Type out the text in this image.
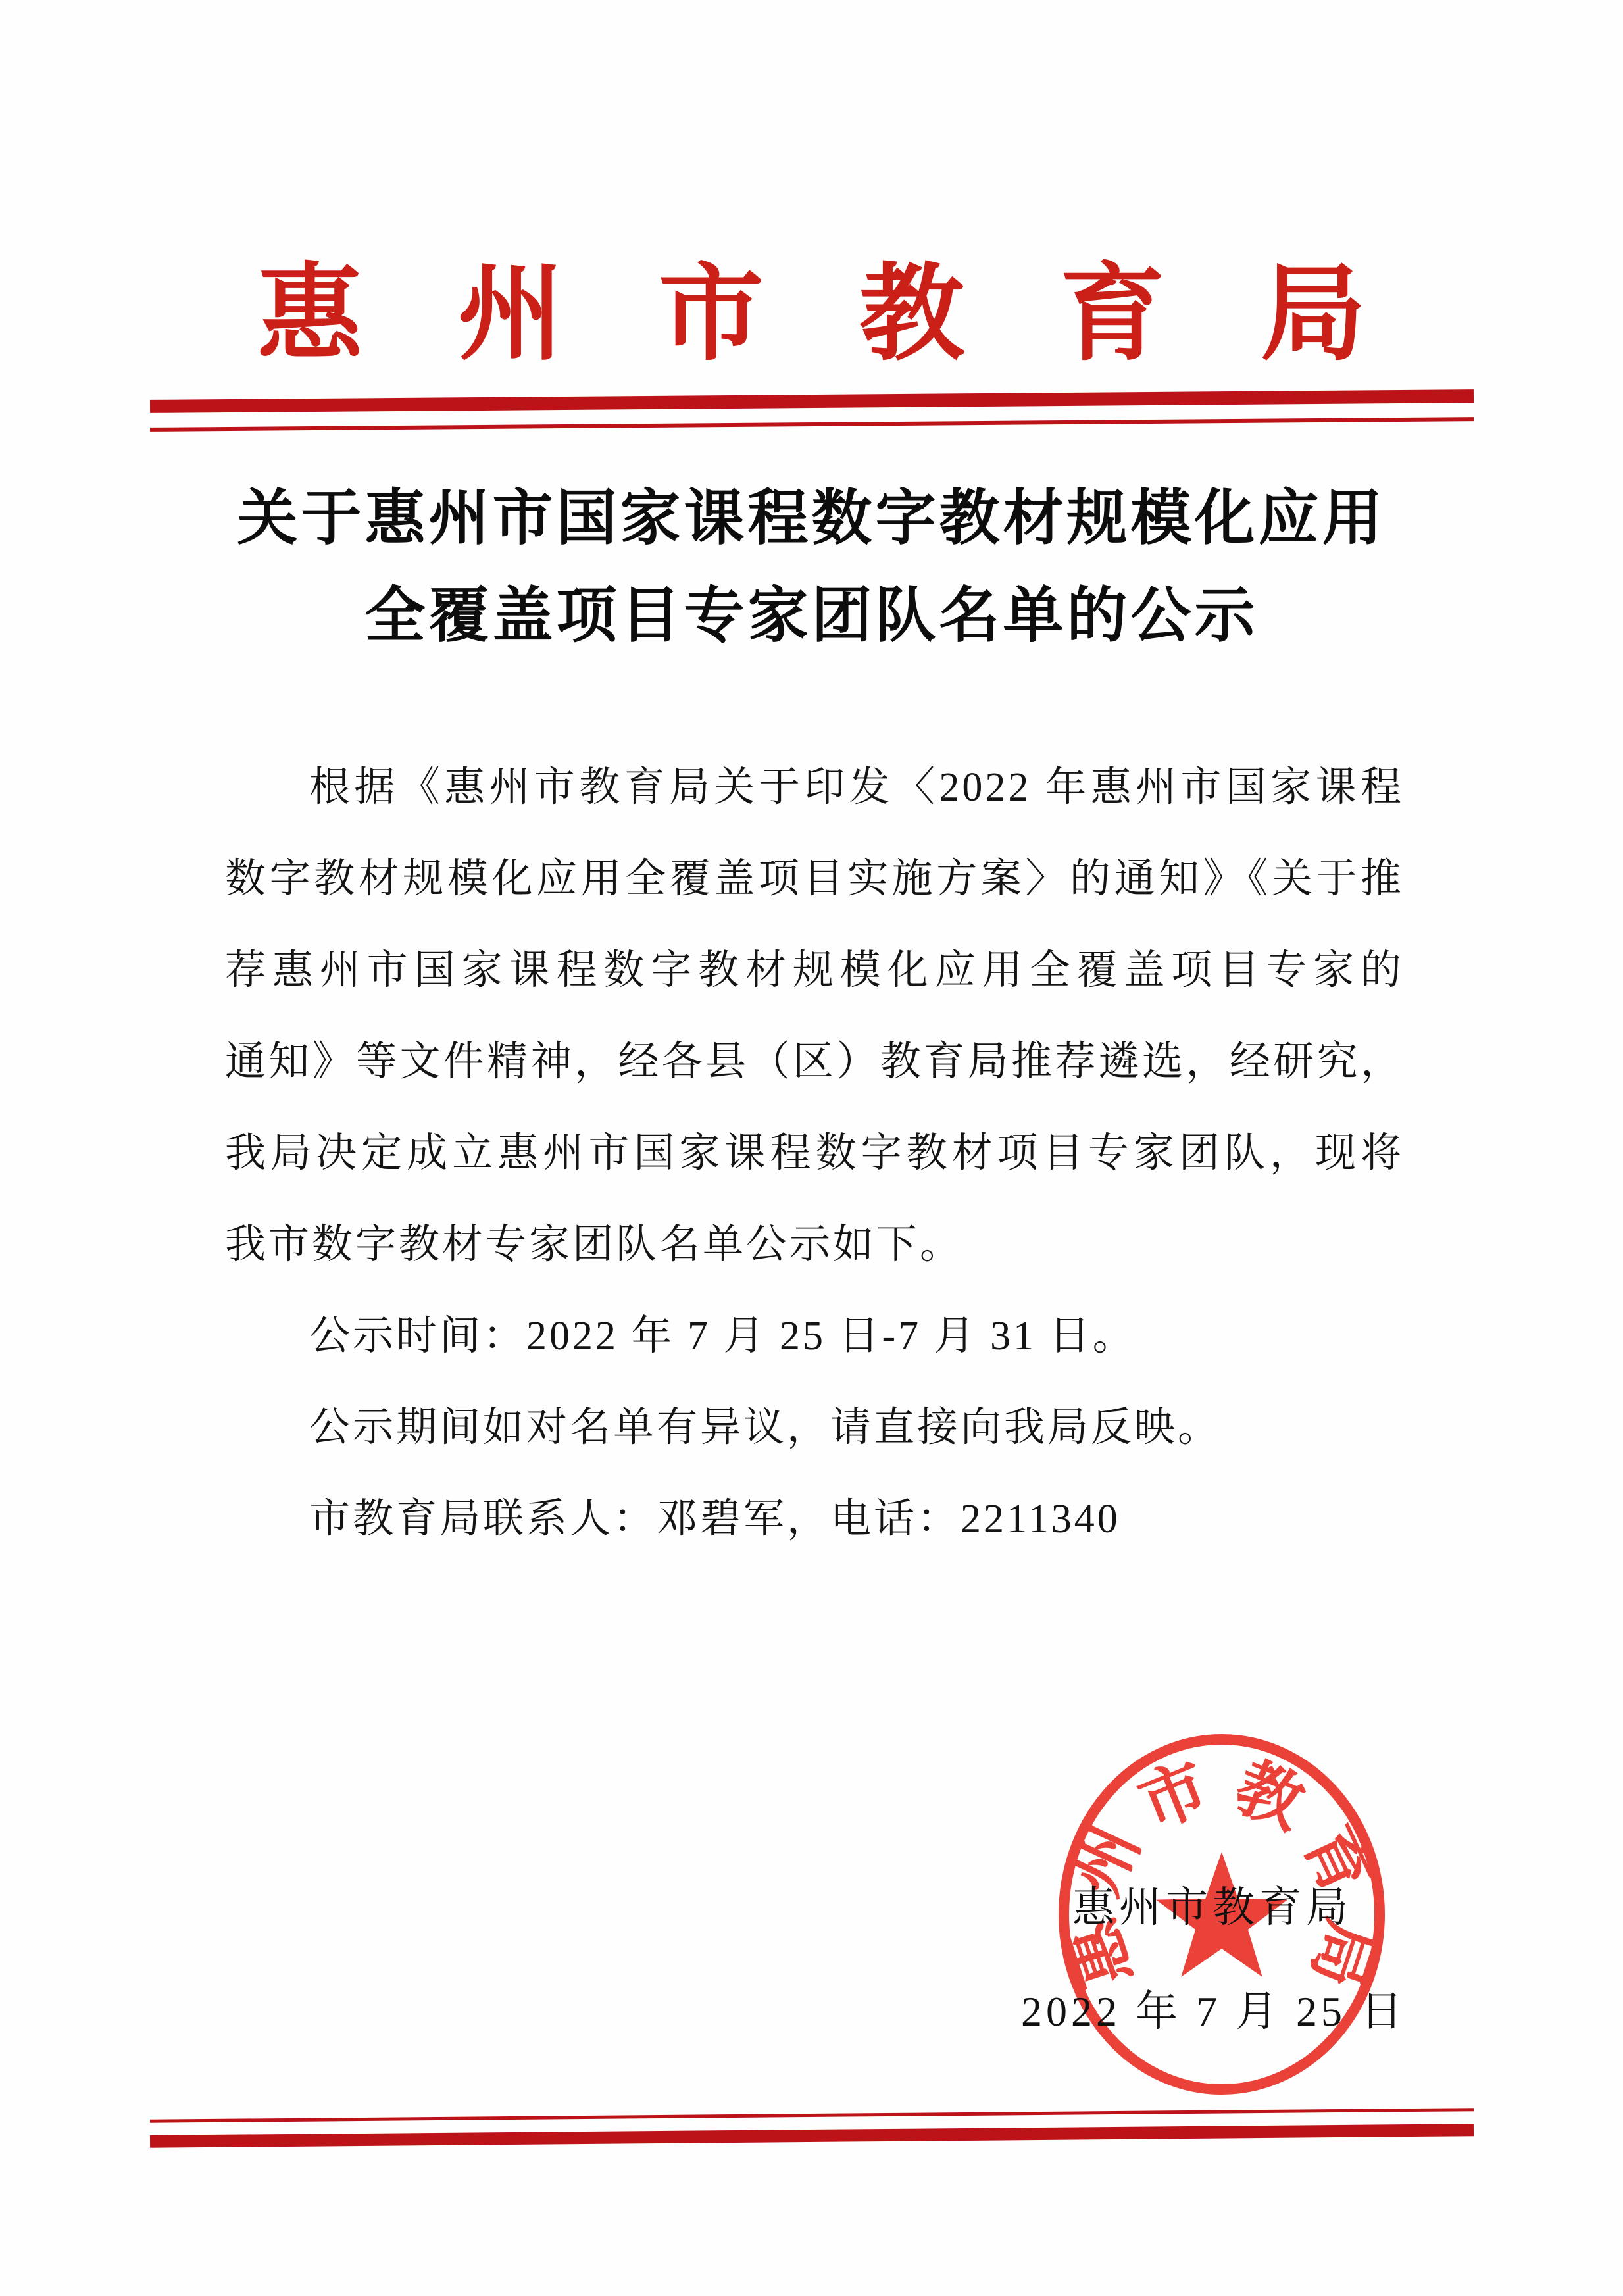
惠州市教育局
关于惠州市国家课程数字教材规模化应用
全覆盖项目专家团队名单的公示
根据《惠州市教育局关于印发〈2022 年惠州市国家课程
数字教材规模化应用全覆盖项目实施方案〉的通知》《关于推
荐惠州市国家课程数字教材规模化应用全覆盖项目专家的
通知》等文件精神，经各县（区）教育局推荐遴选，经研究，
我局决定成立惠州市国家课程数字教材项目专家团队，现将
我市数字教材专家团队名单公示如下。
公示时间：2022 年 7 月 25 日-7 月 31 日。
公示期间如对名单有异议，请直接向我局反映。
市教育局联系人：邓碧军，电话：2211340
惠州市教育局
2022 年 7 月 25 日
惠
州
市 教
育
局
